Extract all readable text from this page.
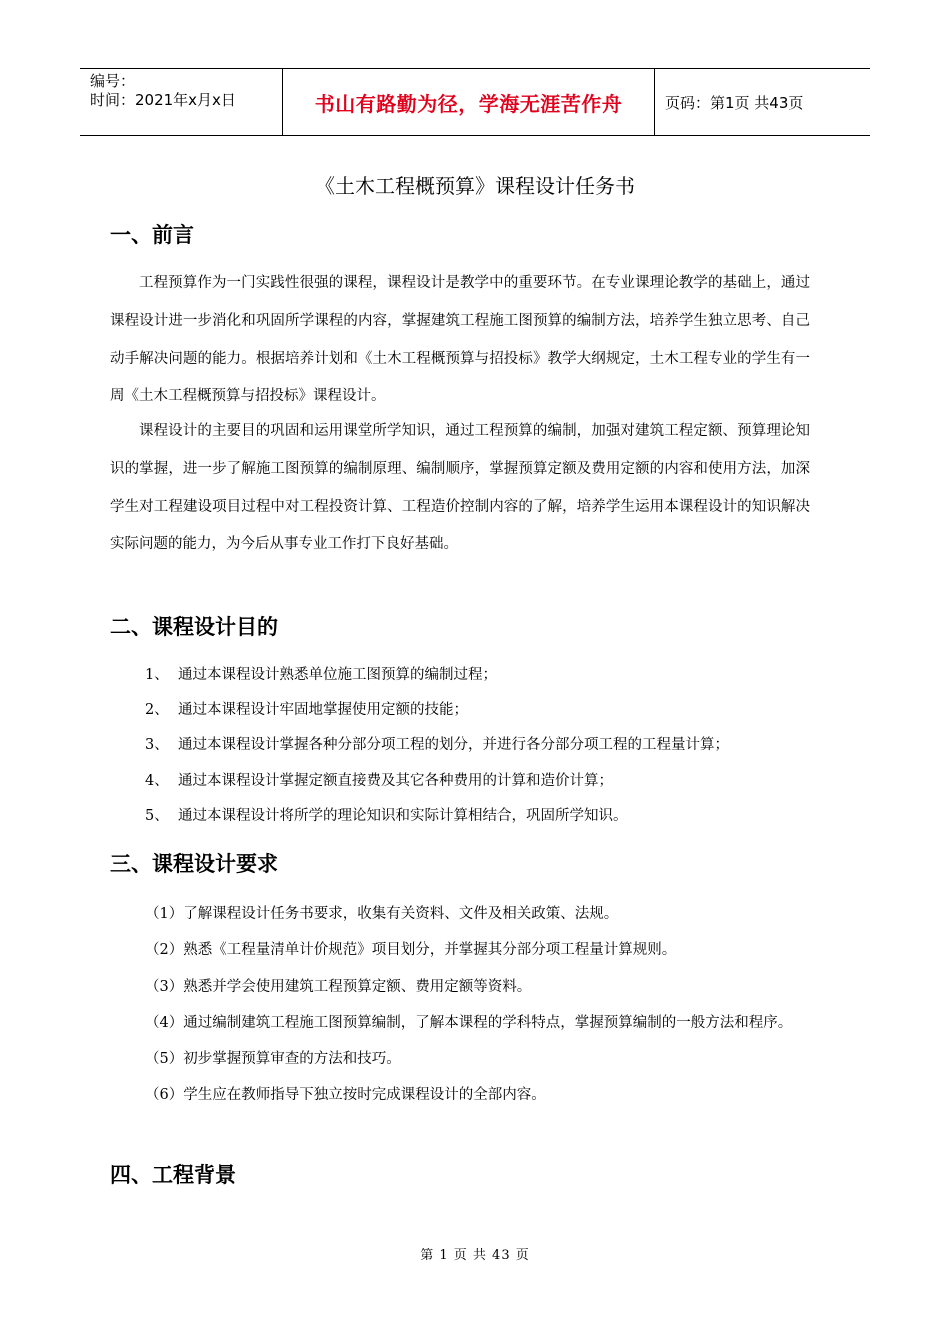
编号：
时间：2021年x月x日	书山有路勤为径，学海无涯苦作舟	页码：第1页 共43页
《土木工程概预算》课程设计任务书
一、前言
工程预算作为一门实践性很强的课程，课程设计是教学中的重要环节。在专业课理论教学的基础上，通过课程设计进一步消化和巩固所学课程的内容，掌握建筑工程施工图预算的编制方法，培养学生独立思考、自己动手解决问题的能力。根据培养计划和《土木工程概预算与招投标》教学大纲规定，土木工程专业的学生有一周《土木工程概预算与招投标》课程设计。
课程设计的主要目的巩固和运用课堂所学知识，通过工程预算的编制，加强对建筑工程定额、预算理论知识的掌握，进一步了解施工图预算的编制原理、编制顺序，掌握预算定额及费用定额的内容和使用方法，加深学生对工程建设项目过程中对工程投资计算、工程造价控制内容的了解，培养学生运用本课程设计的知识解决实际问题的能力，为今后从事专业工作打下良好基础。
二、课程设计目的
1、 通过本课程设计熟悉单位施工图预算的编制过程；
2、 通过本课程设计牢固地掌握使用定额的技能；
3、 通过本课程设计掌握各种分部分项工程的划分，并进行各分部分项工程的工程量计算；
4、 通过本课程设计掌握定额直接费及其它各种费用的计算和造价计算；
5、 通过本课程设计将所学的理论知识和实际计算相结合，巩固所学知识。
三、课程设计要求

（1）了解课程设计任务书要求，收集有关资料、文件及相关政策、法规。

（2）熟悉《工程量清单计价规范》项目划分，并掌握其分部分项工程量计算规则。

（3）熟悉并学会使用建筑工程预算定额、费用定额等资料。

（4）通过编制建筑工程施工图预算编制，了解本课程的学科特点，掌握预算编制的一般方法和程序。

（5）初步掌握预算审查的方法和技巧。

（6）学生应在教师指导下独立按时完成课程设计的全部内容。

四、工程背景
第 1 页 共 43 页
